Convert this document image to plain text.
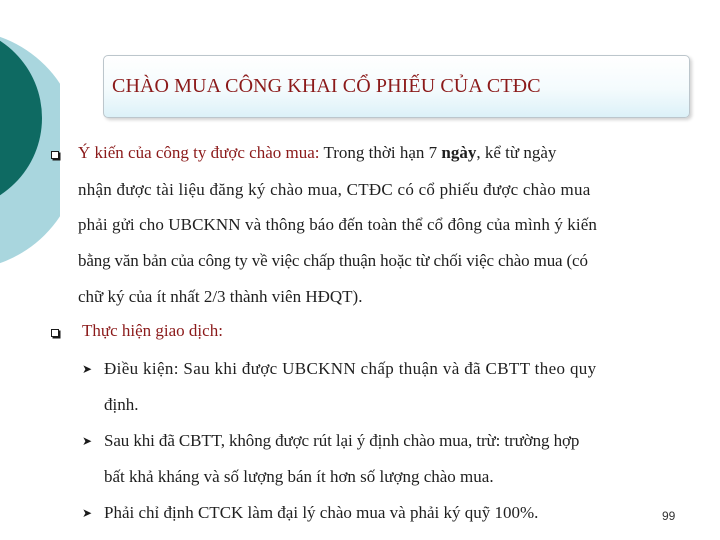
CHÀO MUA CÔNG KHAI CỔ PHIẾU CỦA CTĐC
Ý kiến của công ty được chào mua: Trong thời hạn 7 ngày, kể từ ngày
nhận được tài liệu đăng ký chào mua, CTĐC có cổ phiếu được chào mua
phải gửi cho UBCKNN và thông báo đến toàn thể cổ đông của mình ý kiến
bằng văn bản của công ty về việc chấp thuận hoặc từ chối việc chào mua (có
chữ ký của ít nhất 2/3 thành viên HĐQT).
Thực hiện giao dịch:
➤ Điều kiện: Sau khi được UBCKNN chấp thuận và đã CBTT theo quy
định.
➤ Sau khi đã CBTT, không được rút lại ý định chào mua, trừ: trường hợp
bất khả kháng và số lượng bán ít hơn số lượng chào mua.
➤ Phải chỉ định CTCK làm đại lý chào mua và phải ký quỹ 100%.	99
